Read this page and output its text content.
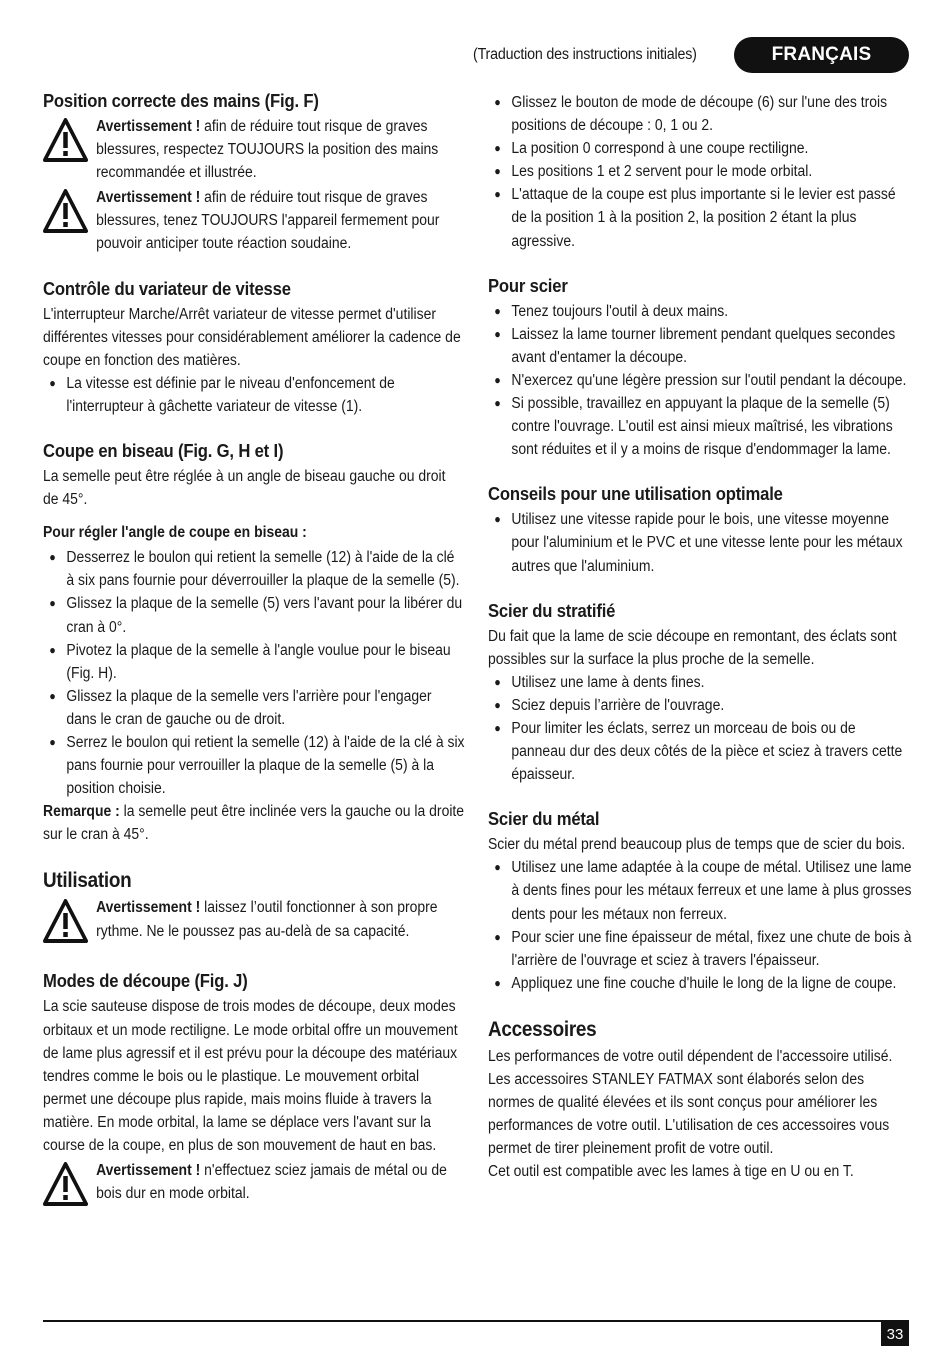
(Traduction des instructions initiales)	FRANÇAIS
Position correcte des mains (Fig. F)

Avertissement ! afin de réduire tout risque de graves blessures, respectez TOUJOURS la position des mains recommandée et illustrée.

Avertissement ! afin de réduire tout risque de graves blessures, tenez TOUJOURS l'appareil fermement pour pouvoir anticiper toute réaction soudaine.

Contrôle du variateur de vitesse

L'interrupteur Marche/Arrêt variateur de vitesse permet d'utiliser différentes vitesses pour considérablement améliorer la cadence de coupe en fonction des matières.

● La vitesse est définie par le niveau d'enfoncement de l'interrupteur à gâchette variateur de vitesse (1).
Coupe en biseau (Fig. G, H et I)

La semelle peut être réglée à un angle de biseau gauche ou droit de 45°.

Pour régler l'angle de coupe en biseau :
● Desserrez le boulon qui retient la semelle (12) à l'aide de la clé à six pans fournie pour déverrouiller la plaque de la semelle (5).
● Glissez la plaque de la semelle (5) vers l'avant pour la libérer du cran à 0°.
● Pivotez la plaque de la semelle à l'angle voulue pour le biseau (Fig. H).
● Glissez la plaque de la semelle vers l'arrière pour l'engager dans le cran de gauche ou de droit.
● Serrez le boulon qui retient la semelle (12) à l'aide de la clé à six pans fournie pour verrouiller la plaque de la semelle (5) à la position choisie.

Remarque : la semelle peut être inclinée vers la gauche ou la droite sur le cran à 45°.

Utilisation

Avertissement ! laissez l’outil fonctionner à son propre rythme. Ne le poussez pas au-delà de sa capacité.

Modes de découpe (Fig. J)

La scie sauteuse dispose de trois modes de découpe, deux modes orbitaux et un mode rectiligne. Le mode orbital offre un mouvement de lame plus agressif et il est prévu pour la découpe des matériaux tendres comme le bois ou le plastique. Le mouvement orbital permet une découpe plus rapide, mais moins fluide à travers la matière. En mode orbital, la lame se déplace vers l'avant sur la course de la coupe, en plus de son mouvement de haut en bas.

Avertissement ! n'effectuez sciez jamais de métal ou de bois dur en mode orbital.

● Glissez le bouton de mode de découpe (6) sur l'une des trois positions de découpe : 0, 1 ou 2.
● La position 0 correspond à une coupe rectiligne.
● Les positions 1 et 2 servent pour le mode orbital.
● L'attaque de la coupe est plus importante si le levier est passé de la position 1 à la position 2, la position 2 étant la plus agressive.
Pour scier
● Tenez toujours l'outil à deux mains.
● Laissez la lame tourner librement pendant quelques secondes avant d'entamer la découpe.
● N'exercez qu'une légère pression sur l'outil pendant la découpe.
● Si possible, travaillez en appuyant la plaque de la semelle (5) contre l'ouvrage. L'outil est ainsi mieux maîtrisé, les vibrations sont réduites et il y a moins de risque d'endommager la lame.
Conseils pour une utilisation optimale
● Utilisez une vitesse rapide pour le bois, une vitesse moyenne pour l'aluminium et le PVC et une vitesse lente pour les métaux autres que l'aluminium.
Scier du stratifié

Du fait que la lame de scie découpe en remontant, des éclats sont possibles sur la surface la plus proche de la semelle.

● Utilisez une lame à dents fines.
● Sciez depuis l’arrière de l'ouvrage.
● Pour limiter les éclats, serrez un morceau de bois ou de panneau dur des deux côtés de la pièce et sciez à travers cette épaisseur.
Scier du métal

Scier du métal prend beaucoup plus de temps que de scier du bois.

● Utilisez une lame adaptée à la coupe de métal. Utilisez une lame à dents fines pour les métaux ferreux et une lame à plus grosses dents pour les métaux non ferreux.
● Pour scier une fine épaisseur de métal, fixez une chute de bois à l'arrière de l'ouvrage et sciez à travers l'épaisseur.
● Appliquez une fine couche d'huile le long de la ligne de coupe.
Accessoires

Les performances de votre outil dépendent de l'accessoire utilisé. Les accessoires STANLEY FATMAX sont élaborés selon des normes de qualité élevées et ils sont conçus pour améliorer les performances de votre outil. L'utilisation de ces accessoires vous permet de tirer pleinement profit de votre outil.

Cet outil est compatible avec les lames à tige en U ou en T.

33
